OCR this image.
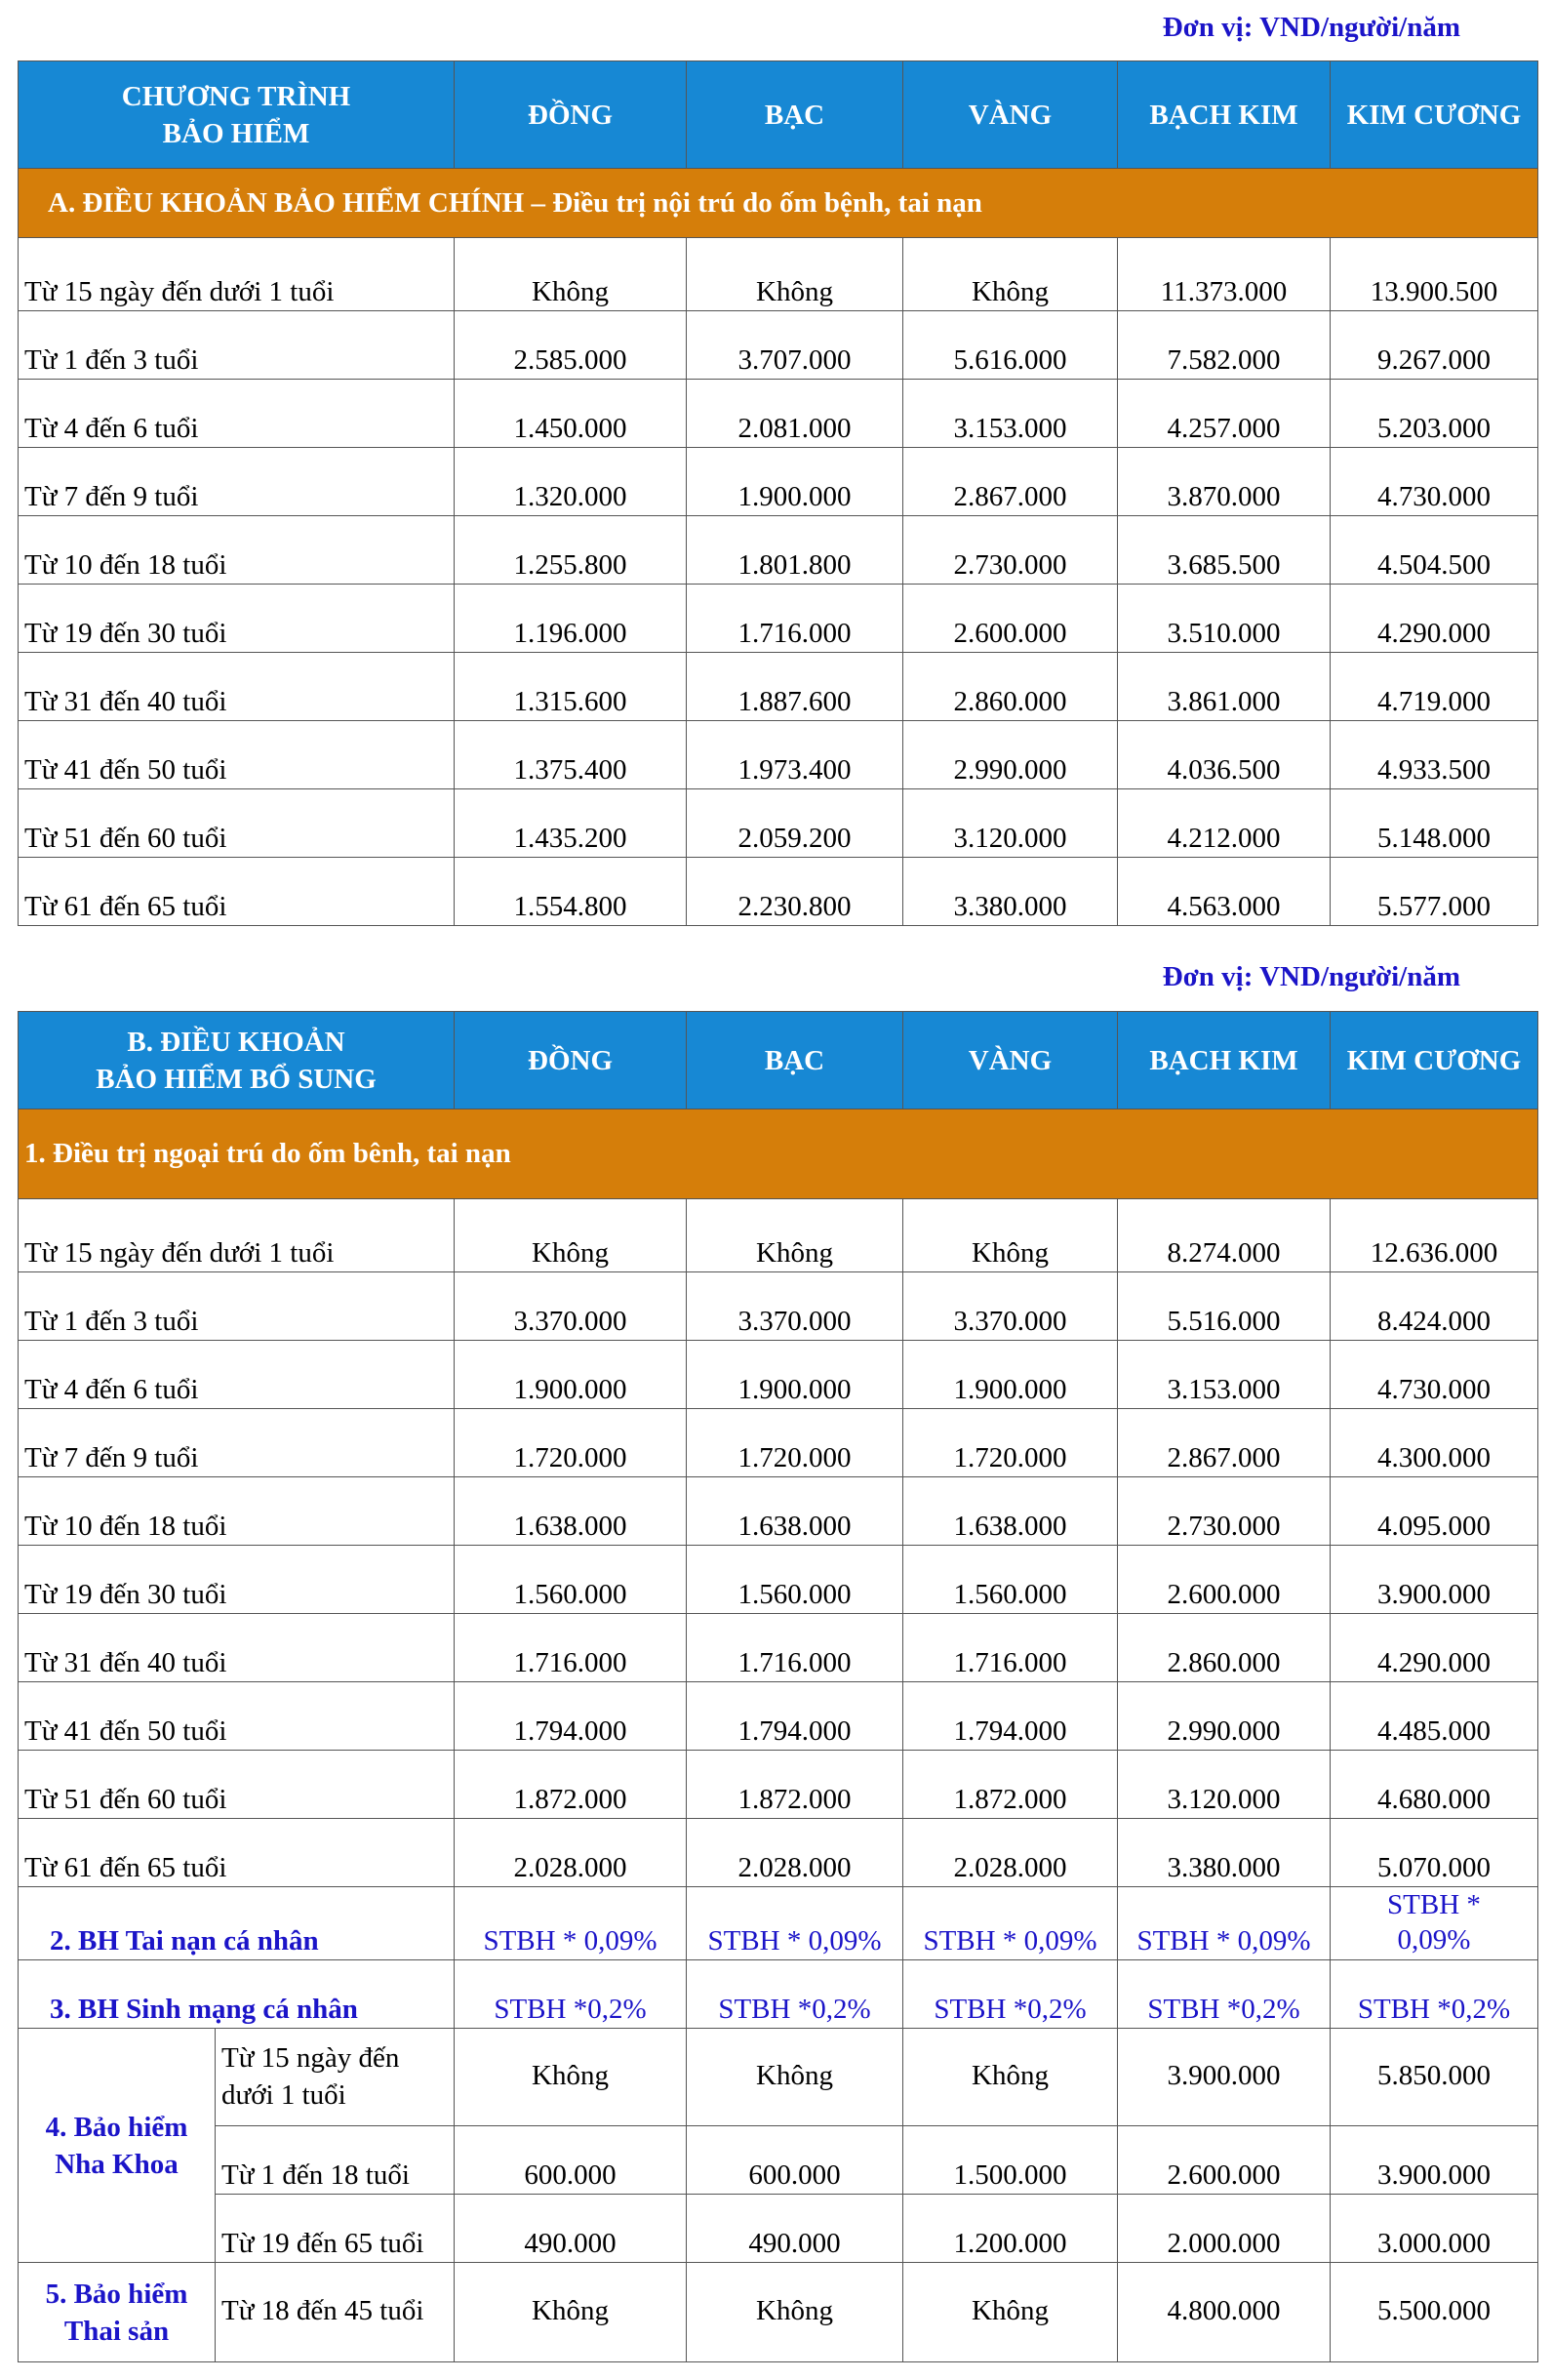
Đơn vị: VND/người/năm
CHƯƠNG TRÌNH
BẢO HIỂM	ĐỒNG	BẠC	VÀNG	BẠCH KIM	KIM CƯƠNG
A. ĐIỀU KHOẢN BẢO HIỂM CHÍNH – Điều trị nội trú do ốm bệnh, tai nạn					
Từ 15 ngày đến dưới 1 tuổi	Không	Không	Không	11.373.000	13.900.500
Từ 1 đến 3 tuổi	2.585.000	3.707.000	5.616.000	7.582.000	9.267.000
Từ 4 đến 6 tuổi	1.450.000	2.081.000	3.153.000	4.257.000	5.203.000
Từ 7 đến 9 tuổi	1.320.000	1.900.000	2.867.000	3.870.000	4.730.000
Từ 10 đến 18 tuổi	1.255.800	1.801.800	2.730.000	3.685.500	4.504.500
Từ 19 đến 30 tuổi	1.196.000	1.716.000	2.600.000	3.510.000	4.290.000
Từ 31 đến 40 tuổi	1.315.600	1.887.600	2.860.000	3.861.000	4.719.000
Từ 41 đến 50 tuổi	1.375.400	1.973.400	2.990.000	4.036.500	4.933.500
Từ 51 đến 60 tuổi	1.435.200	2.059.200	3.120.000	4.212.000	5.148.000
Từ 61 đến 65 tuổi	1.554.800	2.230.800	3.380.000	4.563.000	5.577.000
Đơn vị: VND/người/năm
B. ĐIỀU KHOẢN
BẢO HIỂM BỔ SUNG		ĐỒNG	BẠC	VÀNG	BẠCH KIM	KIM CƯƠNG
1. Điều trị ngoại trú do ốm bênh, tai nạn						
Từ 15 ngày đến dưới 1 tuổi		Không	Không	Không	8.274.000	12.636.000
Từ 1 đến 3 tuổi		3.370.000	3.370.000	3.370.000	5.516.000	8.424.000
Từ 4 đến 6 tuổi		1.900.000	1.900.000	1.900.000	3.153.000	4.730.000
Từ 7 đến 9 tuổi		1.720.000	1.720.000	1.720.000	2.867.000	4.300.000
Từ 10 đến 18 tuổi		1.638.000	1.638.000	1.638.000	2.730.000	4.095.000
Từ 19 đến 30 tuổi		1.560.000	1.560.000	1.560.000	2.600.000	3.900.000
Từ 31 đến 40 tuổi		1.716.000	1.716.000	1.716.000	2.860.000	4.290.000
Từ 41 đến 50 tuổi		1.794.000	1.794.000	1.794.000	2.990.000	4.485.000
Từ 51 đến 60 tuổi		1.872.000	1.872.000	1.872.000	3.120.000	4.680.000
Từ 61 đến 65 tuổi		2.028.000	2.028.000	2.028.000	3.380.000	5.070.000
2. BH Tai nạn cá nhân		STBH * 0,09%	STBH * 0,09%	STBH * 0,09%	STBH * 0,09%	STBH *
0,09%
3. BH Sinh mạng cá nhân		STBH *0,2%	STBH *0,2%	STBH *0,2%	STBH *0,2%	STBH *0,2%
4. Bảo hiểm
Nha Khoa	Từ 15 ngày đến
dưới 1 tuổi	Không	Không	Không	3.900.000	5.850.000
	Từ 1 đến 18 tuổi	600.000	600.000	1.500.000	2.600.000	3.900.000
	Từ 19 đến 65 tuổi	490.000	490.000	1.200.000	2.000.000	3.000.000
5. Bảo hiểm
Thai sản	Từ 18 đến 45 tuổi	Không	Không	Không	4.800.000	5.500.000
